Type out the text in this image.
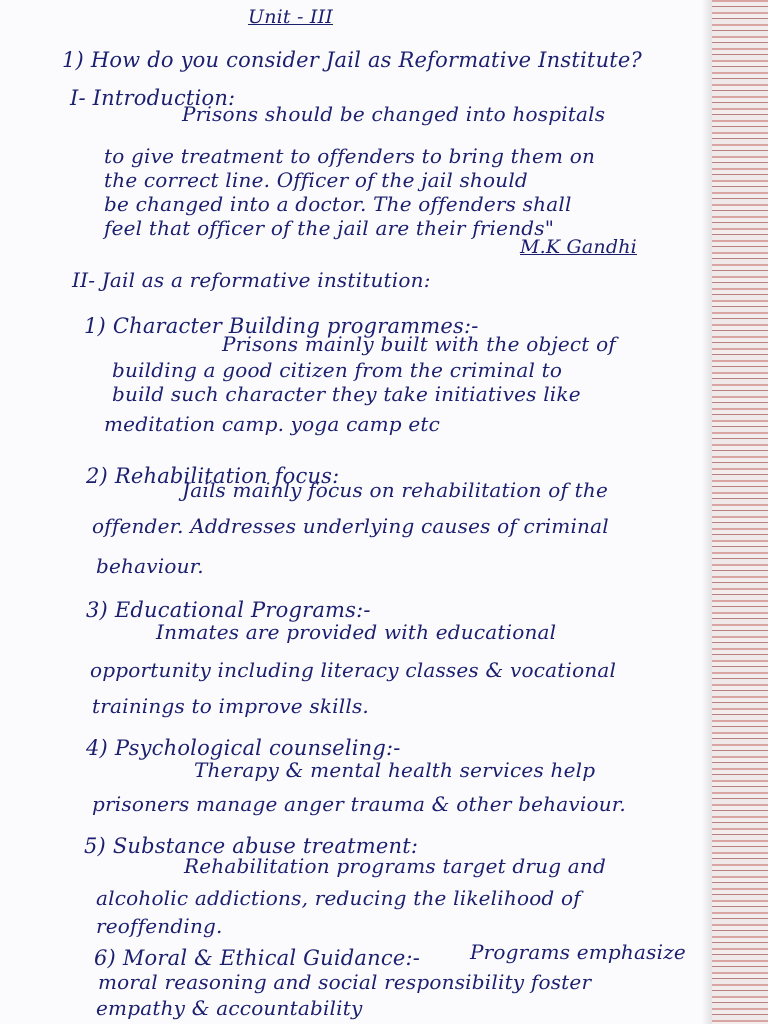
Unit - III
1) How do you consider Jail as Reformative Institute?
I- Introduction:
Prisons should be changed into hospitals
to give treatment to offenders to bring them on
the correct line. Officer of the jail should
be changed into a doctor. The offenders shall
feel that officer of the jail are their friends"
M.K Gandhi
II- Jail as a reformative institution:
1) Character Building programmes:-
Prisons mainly built with the object of
building a good citizen from the criminal to
build such character they take initiatives like
meditation camp. yoga camp etc
2) Rehabilitation focus:
Jails mainly focus on rehabilitation of the
offender. Addresses underlying causes of criminal
behaviour.
3) Educational Programs:-
Inmates are provided with educational
opportunity including literacy classes & vocational
trainings to improve skills.
4) Psychological counseling:-
Therapy & mental health services help
prisoners manage anger trauma & other behaviour.
5) Substance abuse treatment:
Rehabilitation programs target drug and
alcoholic addictions, reducing the likelihood of
reoffending.
6) Moral & Ethical Guidance:- Programs emphasize
moral reasoning and social responsibility foster
empathy & accountability
